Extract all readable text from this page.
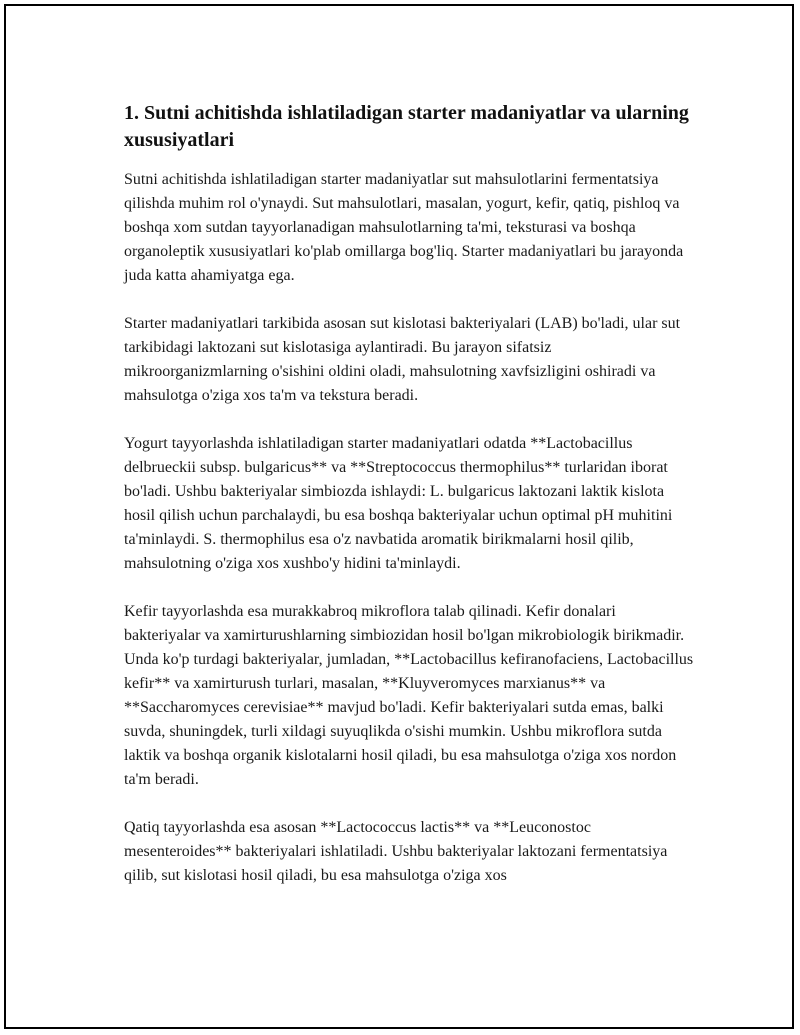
1. Sutni achitishda ishlatiladigan starter madaniyatlar va ularning xususiyatlari

Sutni achitishda ishlatiladigan starter madaniyatlar sut mahsulotlarini fermentatsiya qilishda muhim rol o'ynaydi. Sut mahsulotlari, masalan, yogurt, kefir, qatiq, pishloq va boshqa xom sutdan tayyorlanadigan mahsulotlarning ta'mi, teksturasi va boshqa organoleptik xususiyatlari ko'plab omillarga bog'liq. Starter madaniyatlari bu jarayonda juda katta ahamiyatga ega.

Starter madaniyatlari tarkibida asosan sut kislotasi bakteriyalari (LAB) bo'ladi, ular sut tarkibidagi laktozani sut kislotasiga aylantiradi. Bu jarayon sifatsiz mikroorganizmlarning o'sishini oldini oladi, mahsulotning xavfsizligini oshiradi va mahsulotga o'ziga xos ta'm va tekstura beradi.

Yogurt tayyorlashda ishlatiladigan starter madaniyatlari odatda **Lactobacillus delbrueckii subsp. bulgaricus** va **Streptococcus thermophilus** turlaridan iborat bo'ladi. Ushbu bakteriyalar simbiozda ishlaydi: L. bulgaricus laktozani laktik kislota hosil qilish uchun parchalaydi, bu esa boshqa bakteriyalar uchun optimal pH muhitini ta'minlaydi. S. thermophilus esa o'z navbatida aromatik birikmalarni hosil qilib, mahsulotning o'ziga xos xushbo'y hidini ta'minlaydi.

Kefir tayyorlashda esa murakkabroq mikroflora talab qilinadi. Kefir donalari bakteriyalar va xamirturushlarning simbiozidan hosil bo'lgan mikrobiologik birikmadir. Unda ko'p turdagi bakteriyalar, jumladan, **Lactobacillus kefiranofaciens, Lactobacillus kefir** va xamirturush turlari, masalan, **Kluyveromyces marxianus** va **Saccharomyces cerevisiae** mavjud bo'ladi. Kefir bakteriyalari sutda emas, balki suvda, shuningdek, turli xildagi suyuqlikda o'sishi mumkin. Ushbu mikroflora sutda laktik va boshqa organik kislotalarni hosil qiladi, bu esa mahsulotga o'ziga xos nordon ta'm beradi.

Qatiq tayyorlashda esa asosan **Lactococcus lactis** va **Leuconostoc mesenteroides** bakteriyalari ishlatiladi. Ushbu bakteriyalar laktozani fermentatsiya qilib, sut kislotasi hosil qiladi, bu esa mahsulotga o'ziga xos
